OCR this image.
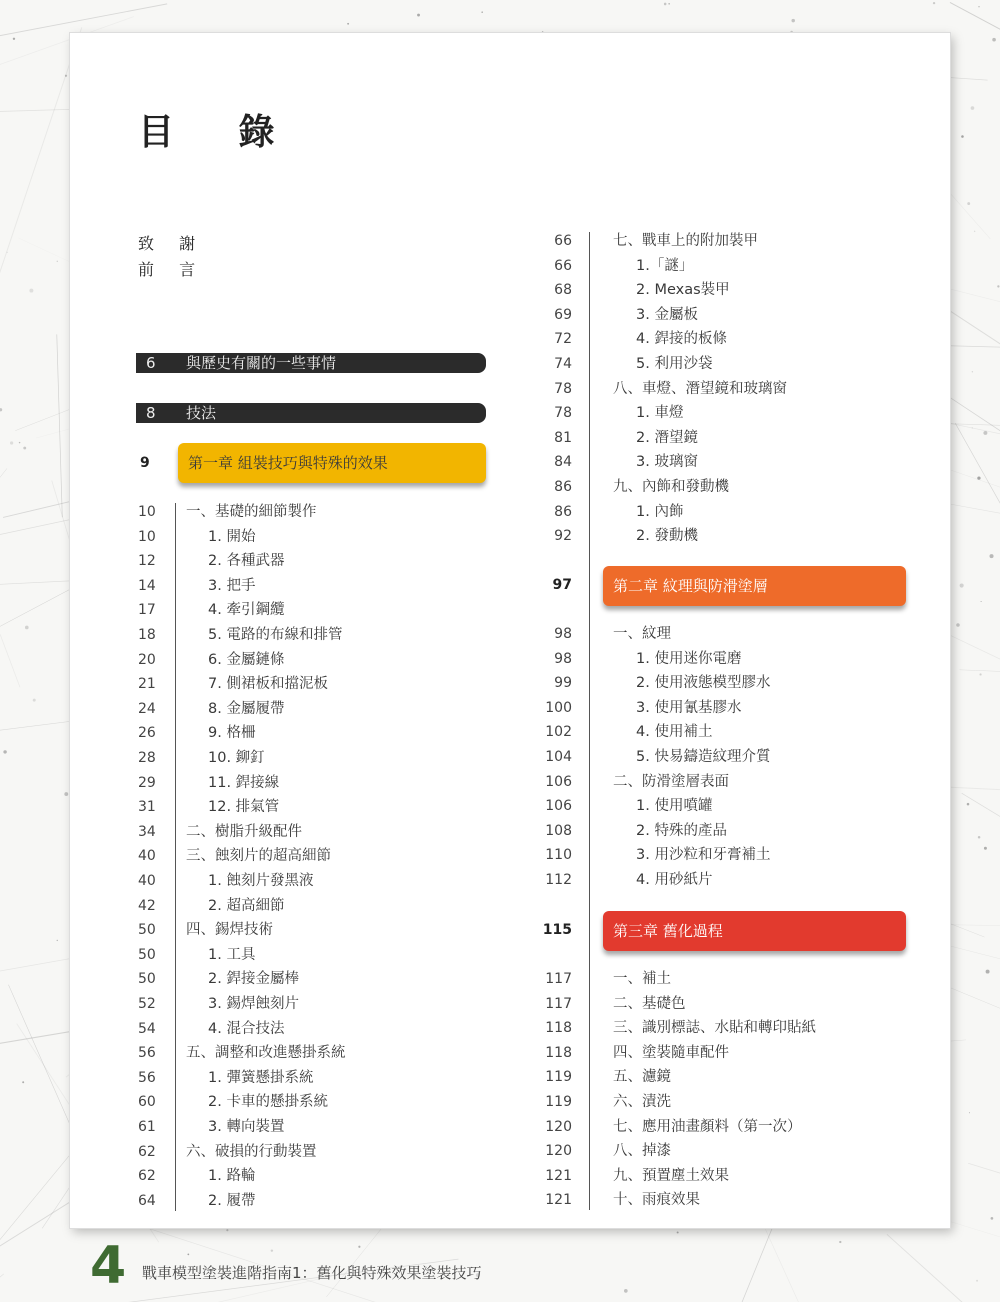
目 錄
致 謝
前 言
6 與歷史有關的一些事情
8 技法
9	第一章 組裝技巧與特殊的效果
97	第二章 紋理與防滑塗層
115	第三章 舊化過程
10	一、基礎的細節製作
10	1. 開始
12	2. 各種武器
14	3. 把手
17	4. 牽引鋼纜
18	5. 電路的布線和排管
20	6. 金屬鏈條
21	7. 側裙板和擋泥板
24	8. 金屬履帶
26	9. 格柵
28	10. 鉚釘
29	11. 銲接線
31	12. 排氣管
34	二、樹脂升級配件
40	三、蝕刻片的超高細節
40	1. 蝕刻片發黑液
42	2. 超高細節
50	四、錫焊技術
50	1. 工具
50	2. 銲接金屬棒
52	3. 錫焊蝕刻片
54	4. 混合技法
56	五、調整和改進懸掛系統
56	1. 彈簧懸掛系統
60	2. 卡車的懸掛系統
61	3. 轉向裝置
62	六、破損的行動裝置
62	1. 路輪
64	2. 履帶
66	七、戰車上的附加裝甲
66	1.「謎」
68	2. Mexas裝甲
69	3. 金屬板
72	4. 銲接的板條
74	5. 利用沙袋
78	八、車燈、潛望鏡和玻璃窗
78	1. 車燈
81	2. 潛望鏡
84	3. 玻璃窗
86	九、內飾和發動機
86	1. 內飾
92	2. 發動機
98	一、紋理
98	1. 使用迷你電磨
99	2. 使用液態模型膠水
100	3. 使用氰基膠水
102	4. 使用補土
104	5. 快易鑄造紋理介質
106	二、防滑塗層表面
106	1. 使用噴罐
108	2. 特殊的產品
110	3. 用沙粒和牙膏補土
112	4. 用砂紙片
117	一、補土
117	二、基礎色
118	三、識別標誌、水貼和轉印貼紙
118	四、塗裝隨車配件
119	五、濾鏡
119	六、漬洗
120	七、應用油畫顏料（第一次）
120	八、掉漆
121	九、預置塵土效果
121	十、雨痕效果
4 戰車模型塗裝進階指南1：舊化與特殊效果塗裝技巧
